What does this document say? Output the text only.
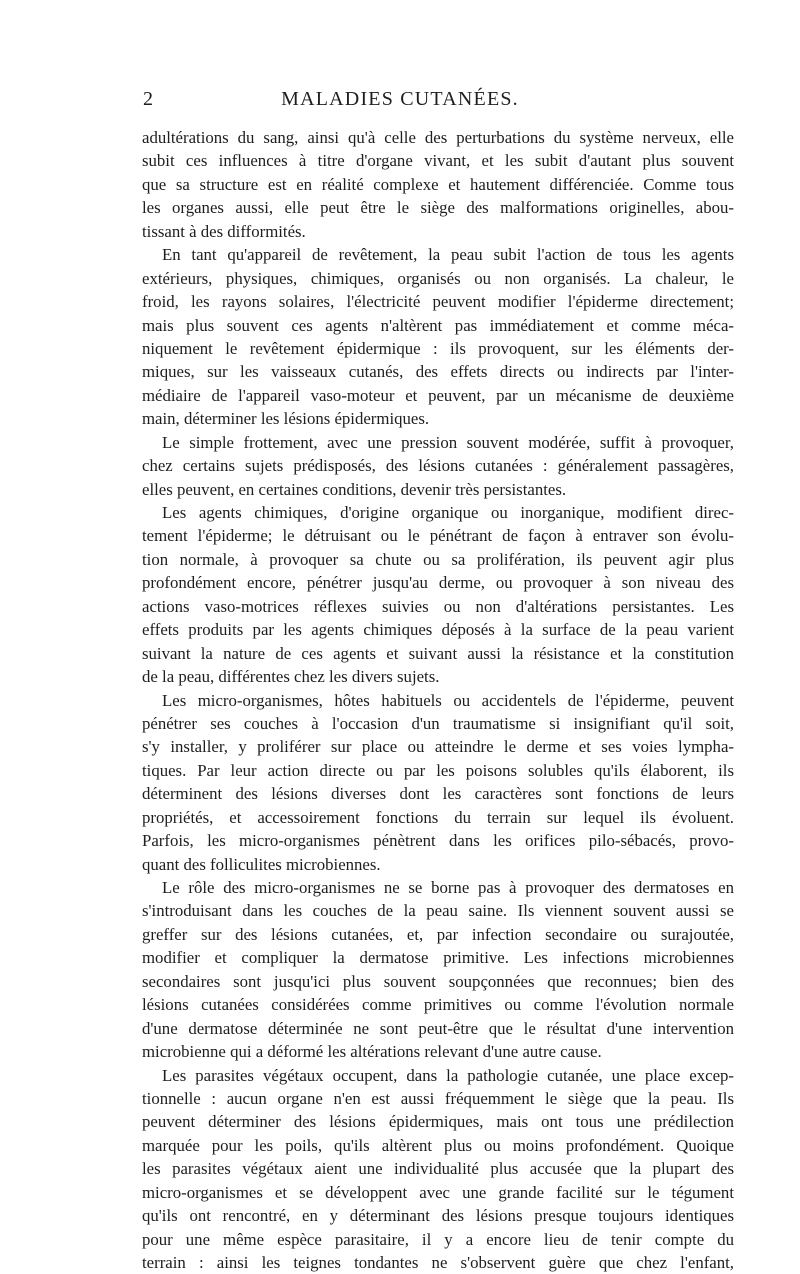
2	MALADIES CUTANÉES.
adultérations du sang, ainsi qu'à celle des perturbations du système nerveux, elle
subit ces influences à titre d'organe vivant, et les subit d'autant plus souvent
que sa structure est en réalité complexe et hautement différenciée. Comme tous
les organes aussi, elle peut être le siège des malformations originelles, abou-
tissant à des difformités.
En tant qu'appareil de revêtement, la peau subit l'action de tous les agents
extérieurs, physiques, chimiques, organisés ou non organisés. La chaleur, le
froid, les rayons solaires, l'électricité peuvent modifier l'épiderme directement;
mais plus souvent ces agents n'altèrent pas immédiatement et comme méca-
niquement le revêtement épidermique : ils provoquent, sur les éléments der-
miques, sur les vaisseaux cutanés, des effets directs ou indirects par l'inter-
médiaire de l'appareil vaso-moteur et peuvent, par un mécanisme de deuxième
main, déterminer les lésions épidermiques.
Le simple frottement, avec une pression souvent modérée, suffit à provoquer,
chez certains sujets prédisposés, des lésions cutanées : généralement passagères,
elles peuvent, en certaines conditions, devenir très persistantes.
Les agents chimiques, d'origine organique ou inorganique, modifient direc-
tement l'épiderme; le détruisant ou le pénétrant de façon à entraver son évolu-
tion normale, à provoquer sa chute ou sa prolifération, ils peuvent agir plus
profondément encore, pénétrer jusqu'au derme, ou provoquer à son niveau des
actions vaso-motrices réflexes suivies ou non d'altérations persistantes. Les
effets produits par les agents chimiques déposés à la surface de la peau varient
suivant la nature de ces agents et suivant aussi la résistance et la constitution
de la peau, différentes chez les divers sujets.
Les micro-organismes, hôtes habituels ou accidentels de l'épiderme, peuvent
pénétrer ses couches à l'occasion d'un traumatisme si insignifiant qu'il soit,
s'y installer, y proliférer sur place ou atteindre le derme et ses voies lympha-
tiques. Par leur action directe ou par les poisons solubles qu'ils élaborent, ils
déterminent des lésions diverses dont les caractères sont fonctions de leurs
propriétés, et accessoirement fonctions du terrain sur lequel ils évoluent.
Parfois, les micro-organismes pénètrent dans les orifices pilo-sébacés, provo-
quant des folliculites microbiennes.
Le rôle des micro-organismes ne se borne pas à provoquer des dermatoses en
s'introduisant dans les couches de la peau saine. Ils viennent souvent aussi se
greffer sur des lésions cutanées, et, par infection secondaire ou surajoutée,
modifier et compliquer la dermatose primitive. Les infections microbiennes
secondaires sont jusqu'ici plus souvent soupçonnées que reconnues; bien des
lésions cutanées considérées comme primitives ou comme l'évolution normale
d'une dermatose déterminée ne sont peut-être que le résultat d'une intervention
microbienne qui a déformé les altérations relevant d'une autre cause.
Les parasites végétaux occupent, dans la pathologie cutanée, une place excep-
tionnelle : aucun organe n'en est aussi fréquemment le siège que la peau. Ils
peuvent déterminer des lésions épidermiques, mais ont tous une prédilection
marquée pour les poils, qu'ils altèrent plus ou moins profondément. Quoique
les parasites végétaux aient une individualité plus accusée que la plupart des
micro-organismes et se développent avec une grande facilité sur le tégument
qu'ils ont rencontré, en y déterminant des lésions presque toujours identiques
pour une même espèce parasitaire, il y a encore lieu de tenir compte du
terrain : ainsi les teignes tondantes ne s'observent guère que chez l'enfant,
